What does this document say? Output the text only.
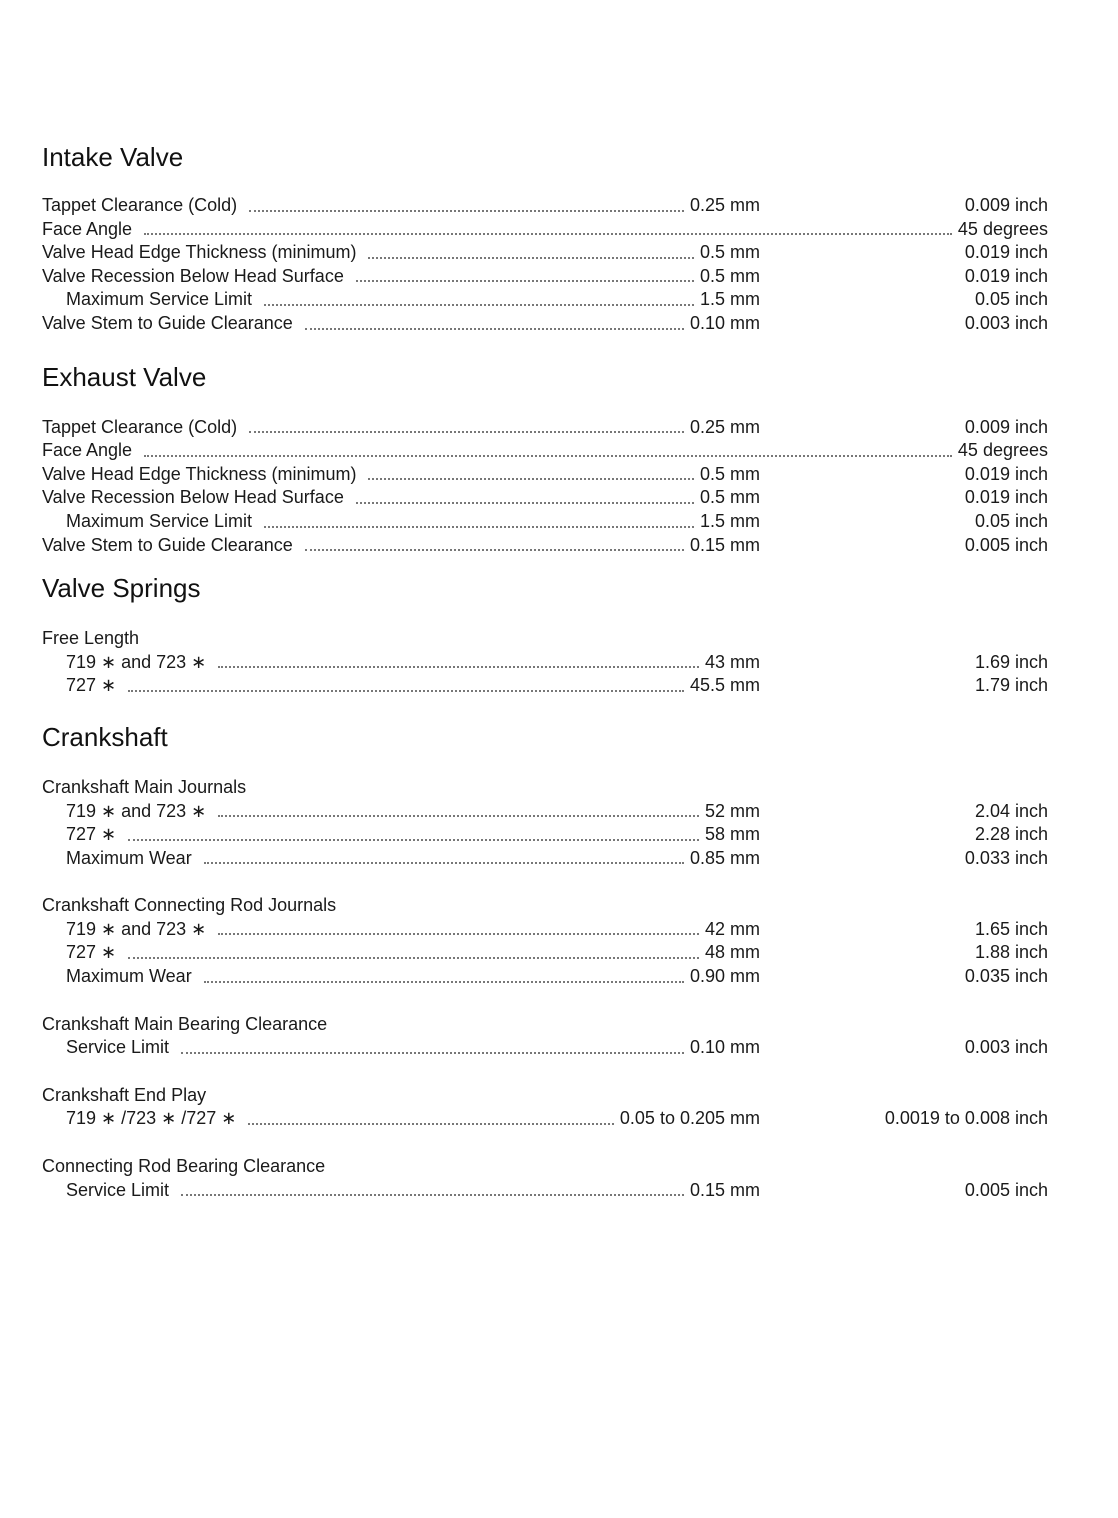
Intake Valve
Tappet Clearance (Cold)	0.25 mm	0.009 inch
Face Angle	45 degrees
Valve Head Edge Thickness (minimum)	0.5 mm	0.019 inch
Valve Recession Below Head Surface	0.5 mm	0.019 inch
Maximum Service Limit	1.5 mm	0.05 inch
Valve Stem to Guide Clearance	0.10 mm	0.003 inch
Exhaust Valve
Tappet Clearance (Cold)	0.25 mm	0.009 inch
Face Angle	45 degrees
Valve Head Edge Thickness (minimum)	0.5 mm	0.019 inch
Valve Recession Below Head Surface	0.5 mm	0.019 inch
Maximum Service Limit	1.5 mm	0.05 inch
Valve Stem to Guide Clearance	0.15 mm	0.005 inch
Valve Springs
Free Length
719 ∗ and 723 ∗	43 mm	1.69 inch
727 ∗	45.5 mm	1.79 inch
Crankshaft
Crankshaft Main Journals
719 ∗ and 723 ∗	52 mm	2.04 inch
727 ∗	58 mm	2.28 inch
Maximum Wear	0.85 mm	0.033 inch
Crankshaft Connecting Rod Journals
719 ∗ and 723 ∗	42 mm	1.65 inch
727 ∗	48 mm	1.88 inch
Maximum Wear	0.90 mm	0.035 inch
Crankshaft Main Bearing Clearance
Service Limit	0.10 mm	0.003 inch
Crankshaft End Play
719 ∗ /723 ∗ /727 ∗	0.05 to 0.205 mm	0.0019 to 0.008 inch
Connecting Rod Bearing Clearance
Service Limit	0.15 mm	0.005 inch
